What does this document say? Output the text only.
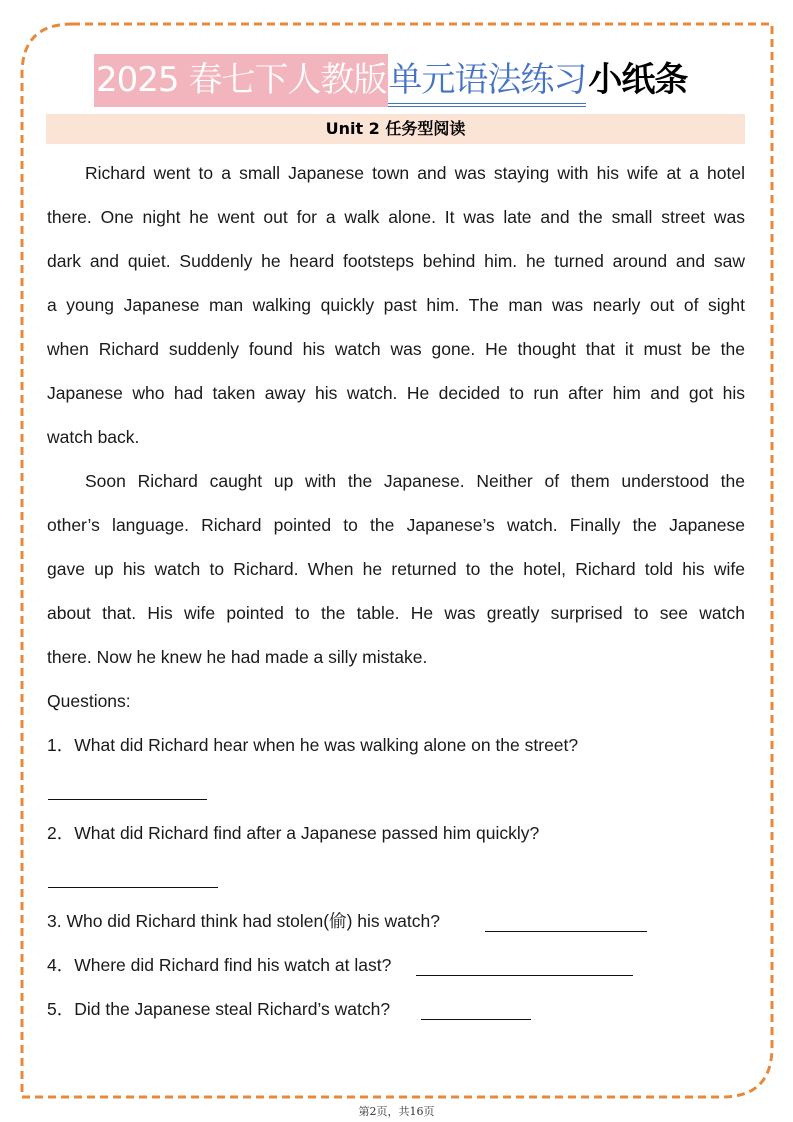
2025 春七下人教版 单元语法练习 小纸条
Unit 2 任务型阅读
Richard went to a small Japanese town and was staying with his wife at a hotel
there. One night he went out for a walk alone. It was late and the small street was
dark and quiet. Suddenly he heard footsteps behind him. he turned around and saw
a young Japanese man walking quickly past him. The man was nearly out of sight
when Richard suddenly found his watch was gone. He thought that it must be the
Japanese who had taken away his watch. He decided to run after him and got his
watch back.
Soon Richard caught up with the Japanese. Neither of them understood the
other’s language. Richard pointed to the Japanese’s watch. Finally the Japanese
gave up his watch to Richard. When he returned to the hotel, Richard told his wife
about that. His wife pointed to the table. He was greatly surprised to see watch
there. Now he knew he had made a silly mistake.
Questions:
1．What did Richard hear when he was walking alone on the street?
2．What did Richard find after a Japanese passed him quickly?
3. Who did Richard think had stolen(偷) his watch?
4．Where did Richard find his watch at last?
5．Did the Japanese steal Richard’s watch?
第2页，共16页
